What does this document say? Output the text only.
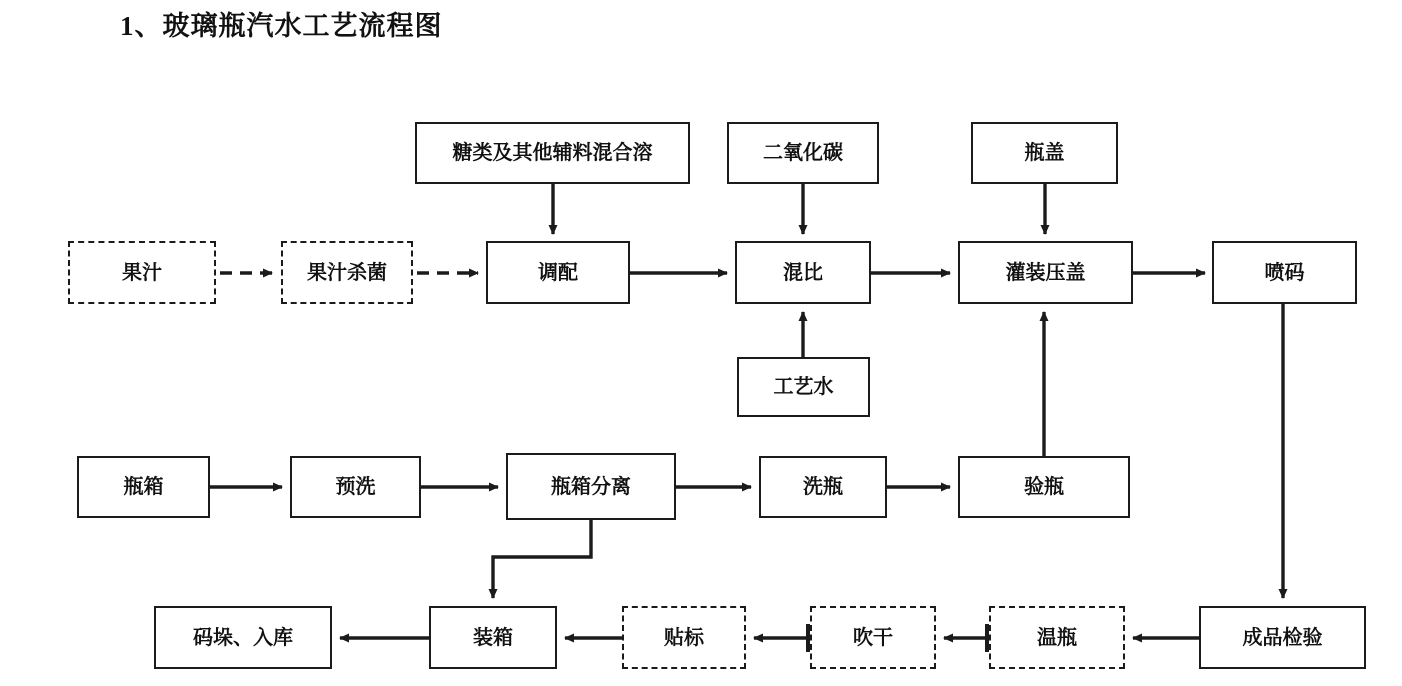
1、玻璃瓶汽水工艺流程图
糖类及其他辅料混合溶	二氧化碳	瓶盖
果汁	果汁杀菌	调配	混比	灌装压盖	喷码
工艺水
瓶箱	预洗	瓶箱分离	洗瓶	验瓶
码垛、入库	装箱	贴标	吹干	温瓶	成品检验
